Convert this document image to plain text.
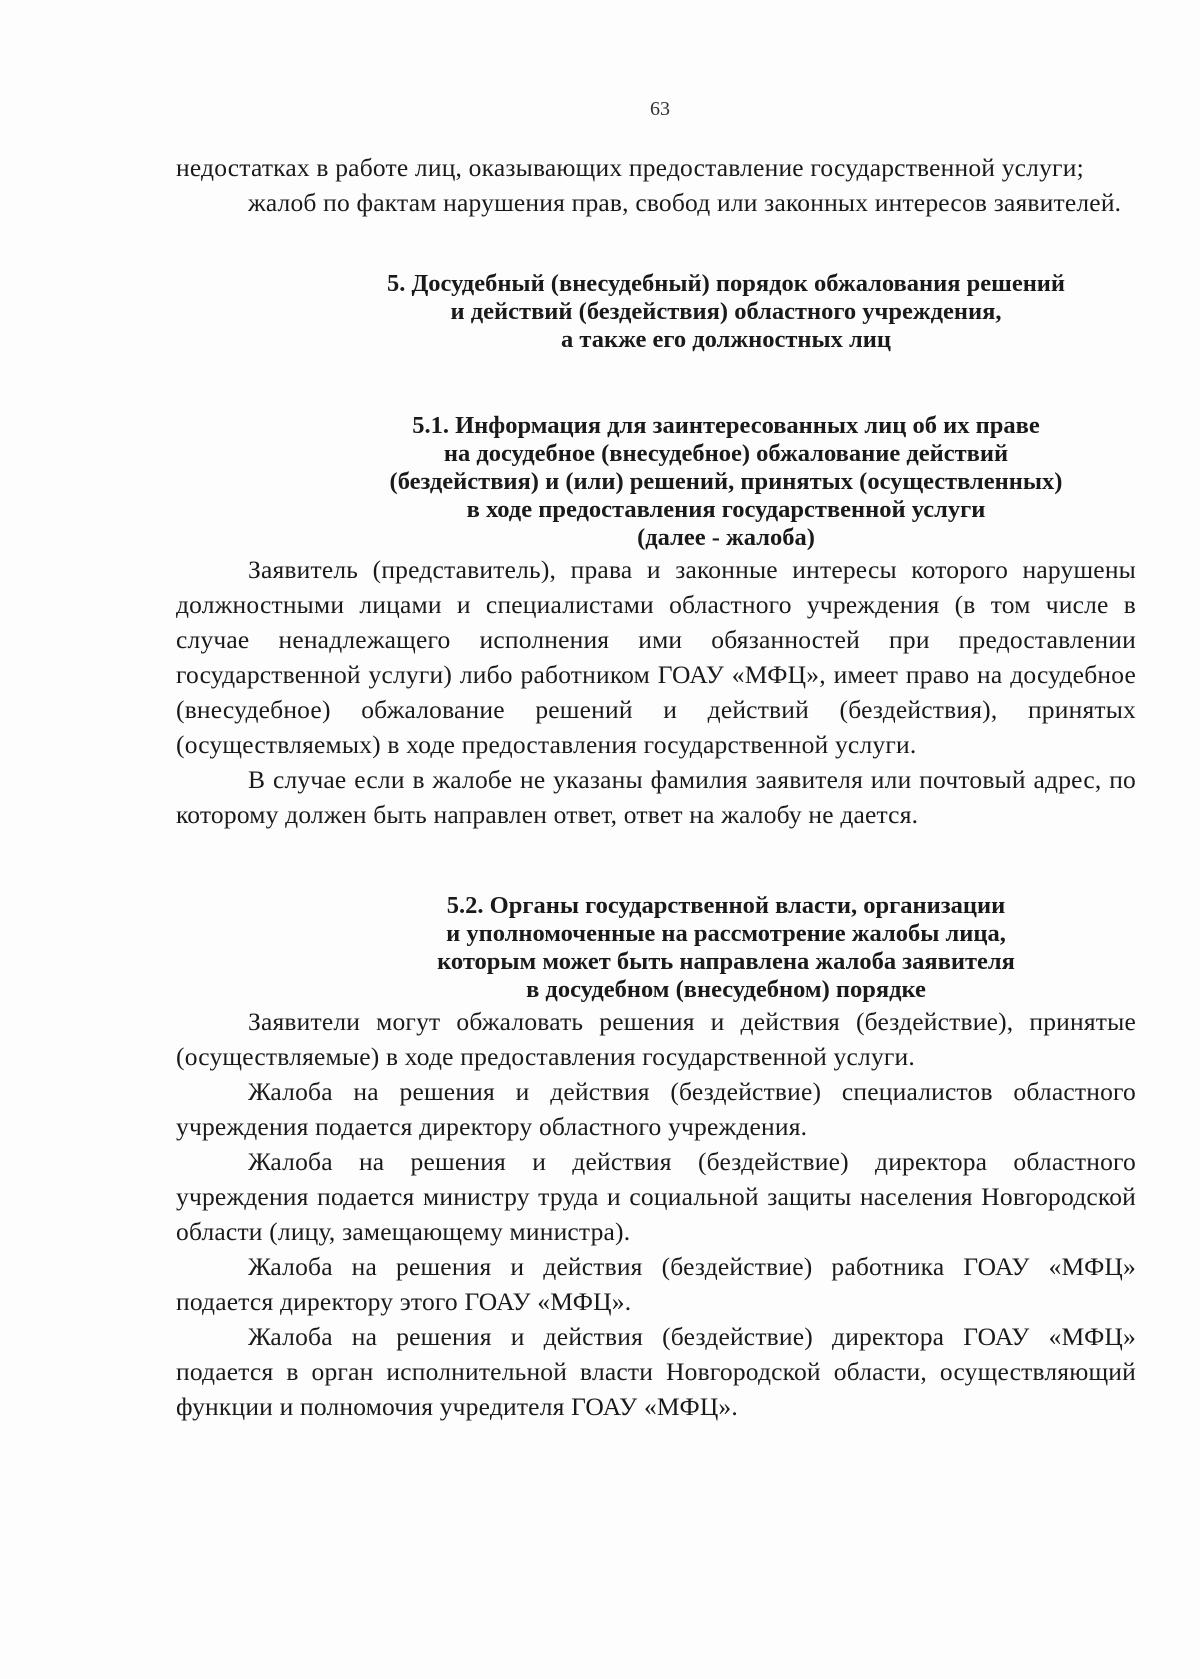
63

недостатках в работе лиц, оказывающих предоставление государственной услуги;

жалоб по фактам нарушения прав, свобод или законных интересов заявителей.

5. Досудебный (внесудебный) порядок обжалования решений
и действий (бездействия) областного учреждения,
а также его должностных лиц
5.1. Информация для заинтересованных лиц об их праве
на досудебное (внесудебное) обжалование действий
(бездействия) и (или) решений, принятых (осуществленных)
в ходе предоставления государственной услуги
(далее - жалоба)

Заявитель (представитель), права и законные интересы которого нарушены должностными лицами и специалистами областного учреждения (в том числе в случае ненадлежащего исполнения ими обязанностей при предоставлении государственной услуги) либо работником ГОАУ «МФЦ», имеет право на досудебное (внесудебное) обжалование решений и действий (бездействия), принятых (осуществляемых) в ходе предоставления государственной услуги.

В случае если в жалобе не указаны фамилия заявителя или почтовый адрес, по которому должен быть направлен ответ, ответ на жалобу не дается.

5.2. Органы государственной власти, организации
и уполномоченные на рассмотрение жалобы лица,
которым может быть направлена жалоба заявителя
в досудебном (внесудебном) порядке

Заявители могут обжаловать решения и действия (бездействие), принятые (осуществляемые) в ходе предоставления государственной услуги.

Жалоба на решения и действия (бездействие) специалистов областного учреждения подается директору областного учреждения.

Жалоба на решения и действия (бездействие) директора областного учреждения подается министру труда и социальной защиты населения Новгородской области (лицу, замещающему министра).

Жалоба на решения и действия (бездействие) работника ГОАУ «МФЦ» подается директору этого ГОАУ «МФЦ».

Жалоба на решения и действия (бездействие) директора ГОАУ «МФЦ» подается в орган исполнительной власти Новгородской области, осуществляющий функции и полномочия учредителя ГОАУ «МФЦ».
